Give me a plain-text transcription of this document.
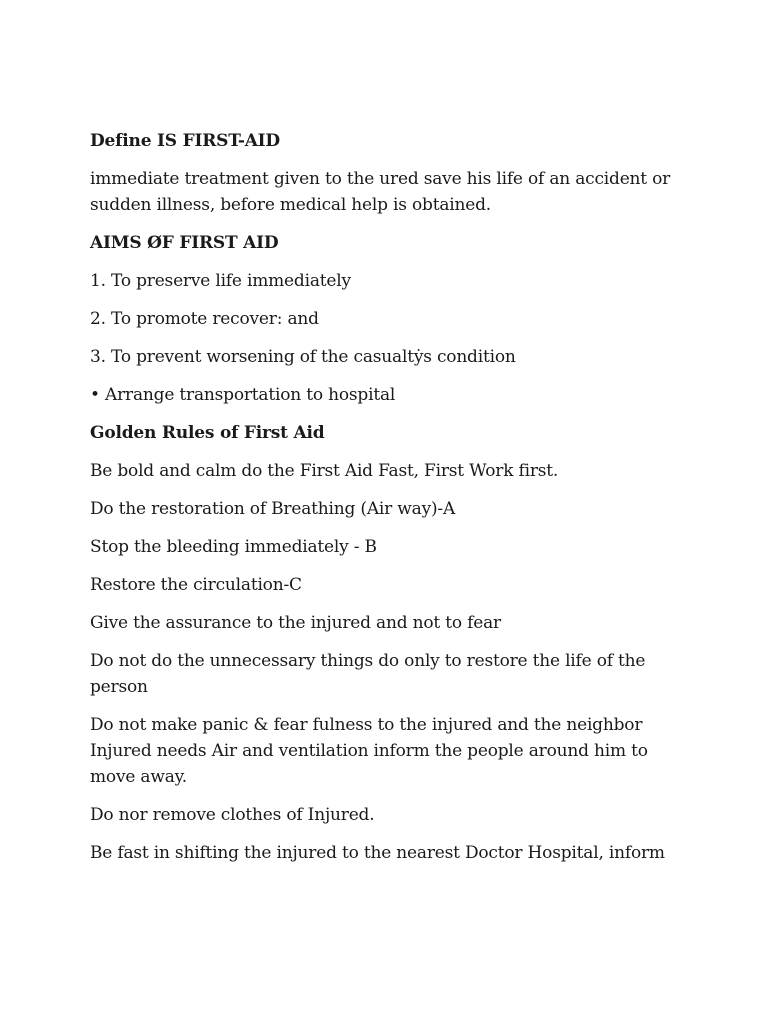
Define IS FIRST-AID

immediate treatment given to the ured save his life of an accident or sudden illness, before medical help is obtained.

AIMS ØF FIRST AID

1. To preserve life immediately

2. To promote recover: and

3. To prevent worsening of the casualtẏs condition

• Arrange transportation to hospital

Golden Rules of First Aid

Be bold and calm do the First Aid Fast, First Work first.

Do the restoration of Breathing (Air way)-A

Stop the bleeding immediately - B

Restore the circulation-C

Give the assurance to the injured and not to fear

Do not do the unnecessary things do only to restore the life of the person

Do not make panic & fear fulness to the injured and the neighbor Injured needs Air and ventilation inform the people around him to move away.

Do nor remove clothes of Injured.

Be fast in shifting the injured to the nearest Doctor Hospital, inform
